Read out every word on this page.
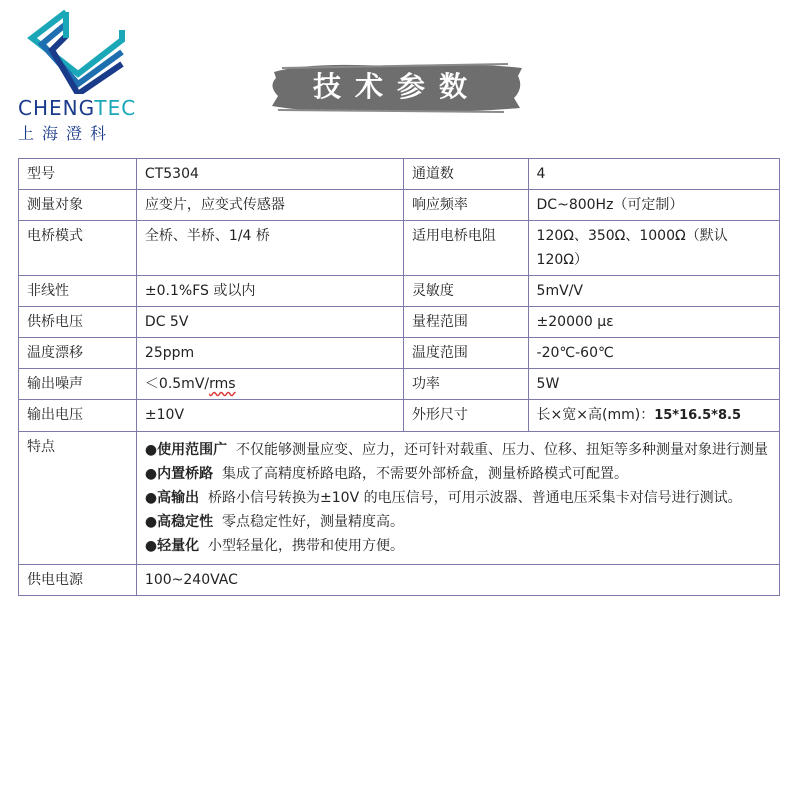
CHENGTEC
上海澄科
技术参数
型号	CT5304	通道数	4
测量对象	应变片，应变式传感器	响应频率	DC~800Hz（可定制）
电桥模式	全桥、半桥、1/4 桥	适用电桥电阻	120Ω、350Ω、1000Ω（默认120Ω）
非线性	±0.1%FS 或以内	灵敏度	5mV/V
供桥电压	DC 5V	量程范围	±20000 με
温度漂移	25ppm	温度范围	-20℃-60℃
输出噪声	＜0.5mV/rms	功率	5W
输出电压	±10V	外形尺寸	长×宽×高(mm)：15*16.5*8.5
特点	●使用范围广 不仅能够测量应变、应力，还可针对载重、压力、位移、扭矩等多种测量对象进行测量
●内置桥路 集成了高精度桥路电路，不需要外部桥盒，测量桥路模式可配置。
●高输出 桥路小信号转换为±10V 的电压信号，可用示波器、普通电压采集卡对信号进行测试。
●高稳定性 零点稳定性好，测量精度高。
●轻量化 小型轻量化，携带和使用方便。		

供电电源	100~240VAC		
